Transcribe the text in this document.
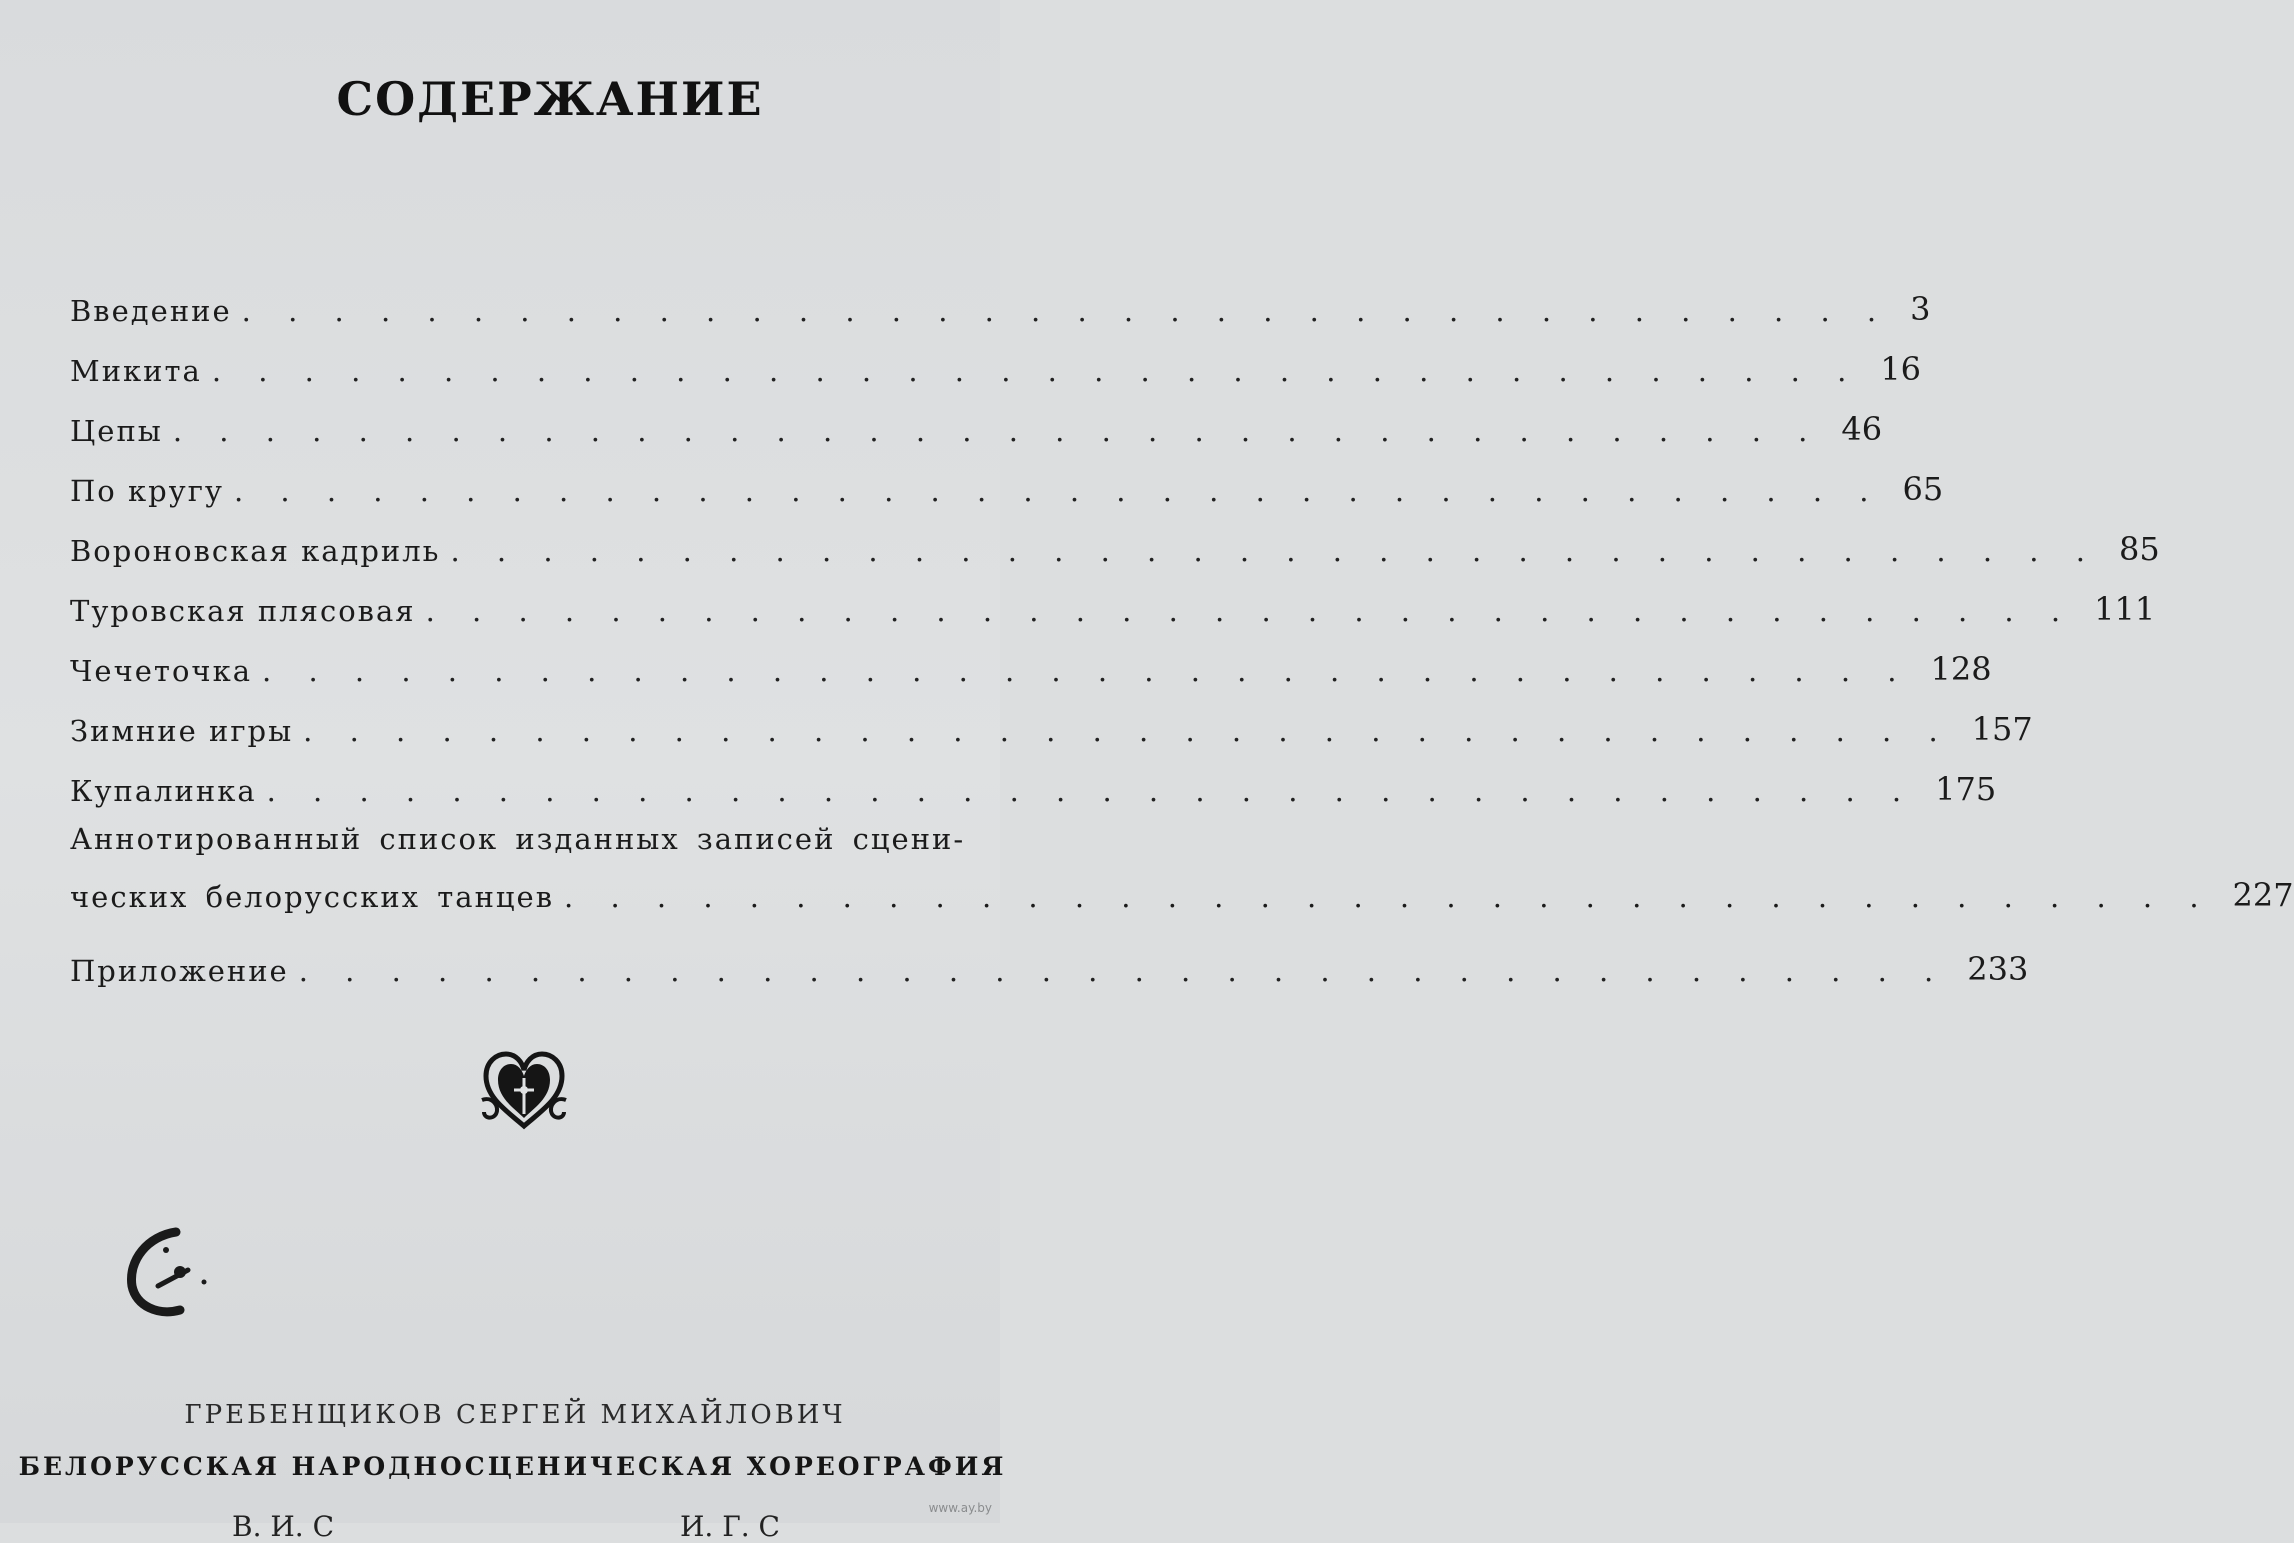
СОДЕРЖАНИЕ
Введение . . . . . . . . . . . . . . . . . . . . . . . . . . . . . . . . . . . . 3
Микита . . . . . . . . . . . . . . . . . . . . . . . . . . . . . . . . . . . . 16
Цепы . . . . . . . . . . . . . . . . . . . . . . . . . . . . . . . . . . . . 46
По кругу . . . . . . . . . . . . . . . . . . . . . . . . . . . . . . . . . . . . 65
Вороновская кадриль . . . . . . . . . . . . . . . . . . . . . . . . . . . . . . . . . . . . 85
Туровская плясовая . . . . . . . . . . . . . . . . . . . . . . . . . . . . . . . . . . . . 111
Чечеточка . . . . . . . . . . . . . . . . . . . . . . . . . . . . . . . . . . . . 128
Зимние игры . . . . . . . . . . . . . . . . . . . . . . . . . . . . . . . . . . . . 157
Купалинка . . . . . . . . . . . . . . . . . . . . . . . . . . . . . . . . . . . . 175
Аннотированный список изданных записей сцени-
ческих белорусских танцев . . . . . . . . . . . . . . . . . . . . . . . . . . . . . . . . . . . . 227
Приложение . . . . . . . . . . . . . . . . . . . . . . . . . . . . . . . . . . . . 233
ГРЕБЕНЩИКОВ СЕРГЕЙ МИХАЙЛОВИЧ
БЕЛОРУССКАЯ НАРОДНОСЦЕНИЧЕСКАЯ ХОРЕОГРАФИЯ
В. И. С	И. Г. С
www.ay.by
